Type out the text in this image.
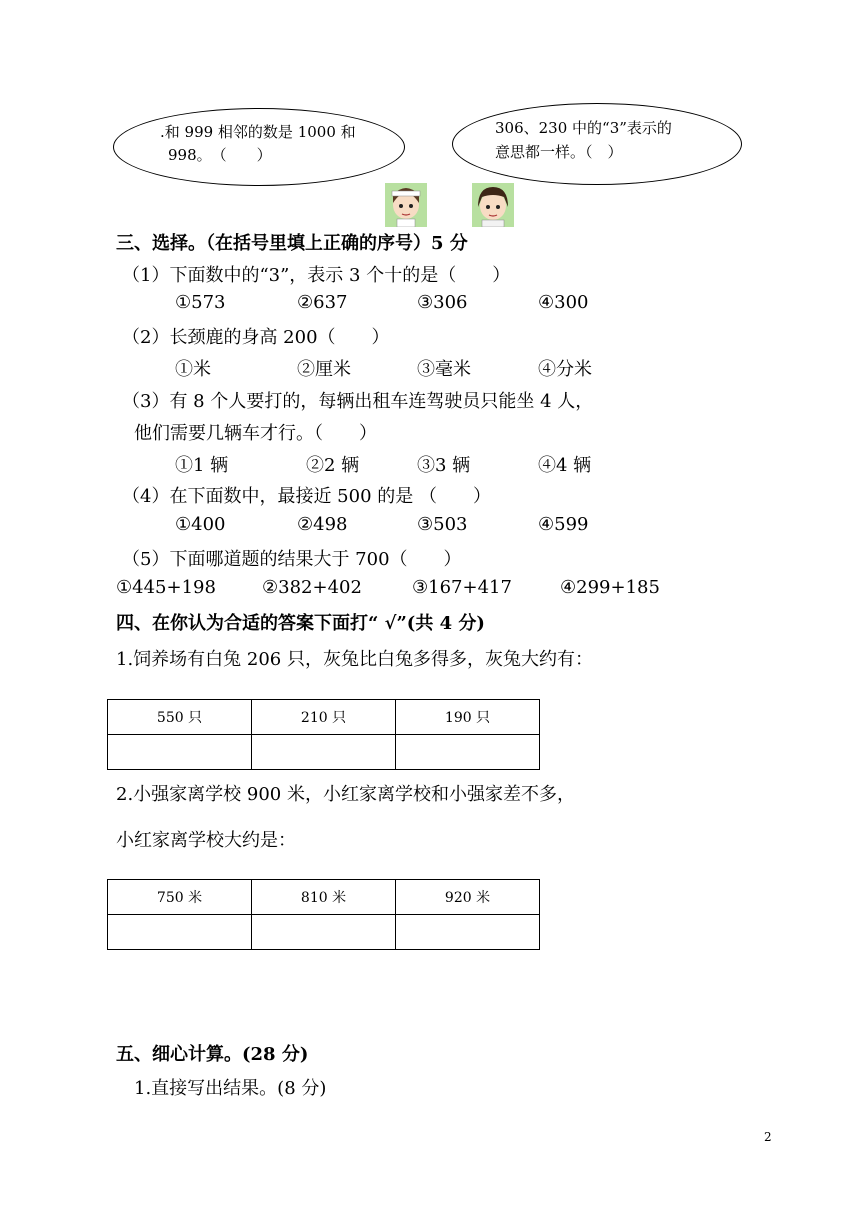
.和 999 相邻的数是 1000 和
998。　（　　）
306、230 中的“3”表示的
意思都一样。（　）
三、选择。（在括号里填上正确的序号）5 分
（1）下面数中的“3”，表示 3 个十的是（　　）
①573	②637	③306	④300
（2）长颈鹿的身高 200（　　）
①米	②厘米	③毫米	④分米
（3）有 8 个人要打的，每辆出租车连驾驶员只能坐 4 人，
他们需要几辆车才行。（　　）
①1 辆	②2 辆	③3 辆	④4 辆
（4）在下面数中，最接近 500 的是 （　　）
①400	②498	③503	④599
（5）下面哪道题的结果大于 700（　　）
①445+198	②382+402	③167+417	④299+185
四、在你认为合适的答案下面打“ √”(共 4 分)
1.饲养场有白兔 206 只，灰兔比白兔多得多，灰兔大约有：
550 只	210 只	190 只

2.小强家离学校 900 米，小红家离学校和小强家差不多，
小红家离学校大约是：
750 米	810 米	920 米

五、细心计算。(28 分)
1.直接写出结果。(8 分)
2
